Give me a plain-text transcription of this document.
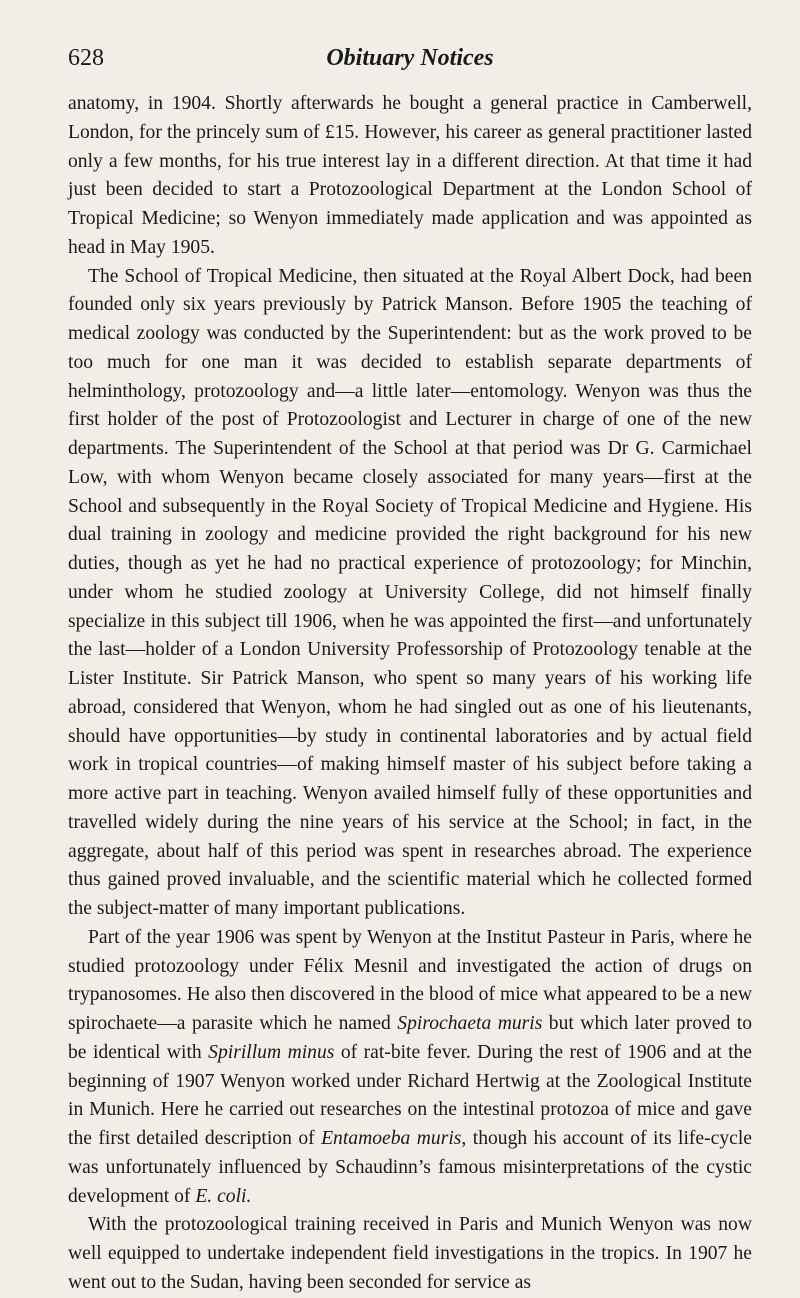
628	Obituary Notices

anatomy, in 1904. Shortly afterwards he bought a general practice in Camberwell, London, for the princely sum of £15. However, his career as general practitioner lasted only a few months, for his true interest lay in a different direction. At that time it had just been decided to start a Protozoological Department at the London School of Tropical Medicine; so Wenyon immediately made application and was appointed as head in May 1905.

The School of Tropical Medicine, then situated at the Royal Albert Dock, had been founded only six years previously by Patrick Manson. Before 1905 the teaching of medical zoology was conducted by the Superintendent: but as the work proved to be too much for one man it was decided to establish separate departments of helminthology, protozoology and—a little later—entomology. Wenyon was thus the first holder of the post of Protozoologist and Lecturer in charge of one of the new departments. The Superintendent of the School at that period was Dr G. Carmichael Low, with whom Wenyon became closely associated for many years—first at the School and subsequently in the Royal Society of Tropical Medicine and Hygiene. His dual training in zoology and medicine provided the right background for his new duties, though as yet he had no practical experience of protozoology; for Minchin, under whom he studied zoology at University College, did not himself finally specialize in this subject till 1906, when he was appointed the first—and unfortunately the last—holder of a London University Professorship of Protozoology tenable at the Lister Institute. Sir Patrick Manson, who spent so many years of his working life abroad, considered that Wenyon, whom he had singled out as one of his lieutenants, should have opportunities—by study in continental laboratories and by actual field work in tropical countries—of making himself master of his subject before taking a more active part in teaching. Wenyon availed himself fully of these opportunities and travelled widely during the nine years of his service at the School; in fact, in the aggregate, about half of this period was spent in researches abroad. The experience thus gained proved invaluable, and the scientific material which he collected formed the subject-matter of many important publications.

Part of the year 1906 was spent by Wenyon at the Institut Pasteur in Paris, where he studied protozoology under Félix Mesnil and investigated the action of drugs on trypanosomes. He also then discovered in the blood of mice what appeared to be a new spirochaete—a parasite which he named Spirochaeta muris but which later proved to be identical with Spirillum minus of rat-bite fever. During the rest of 1906 and at the beginning of 1907 Wenyon worked under Richard Hertwig at the Zoological Institute in Munich. Here he carried out researches on the intestinal protozoa of mice and gave the first detailed description of Entamoeba muris, though his account of its life-cycle was unfortunately influenced by Schaudinn’s famous misinterpretations of the cystic development of E. coli.

With the protozoological training received in Paris and Munich Wenyon was now well equipped to undertake independent field investigations in the tropics. In 1907 he went out to the Sudan, having been seconded for service as
